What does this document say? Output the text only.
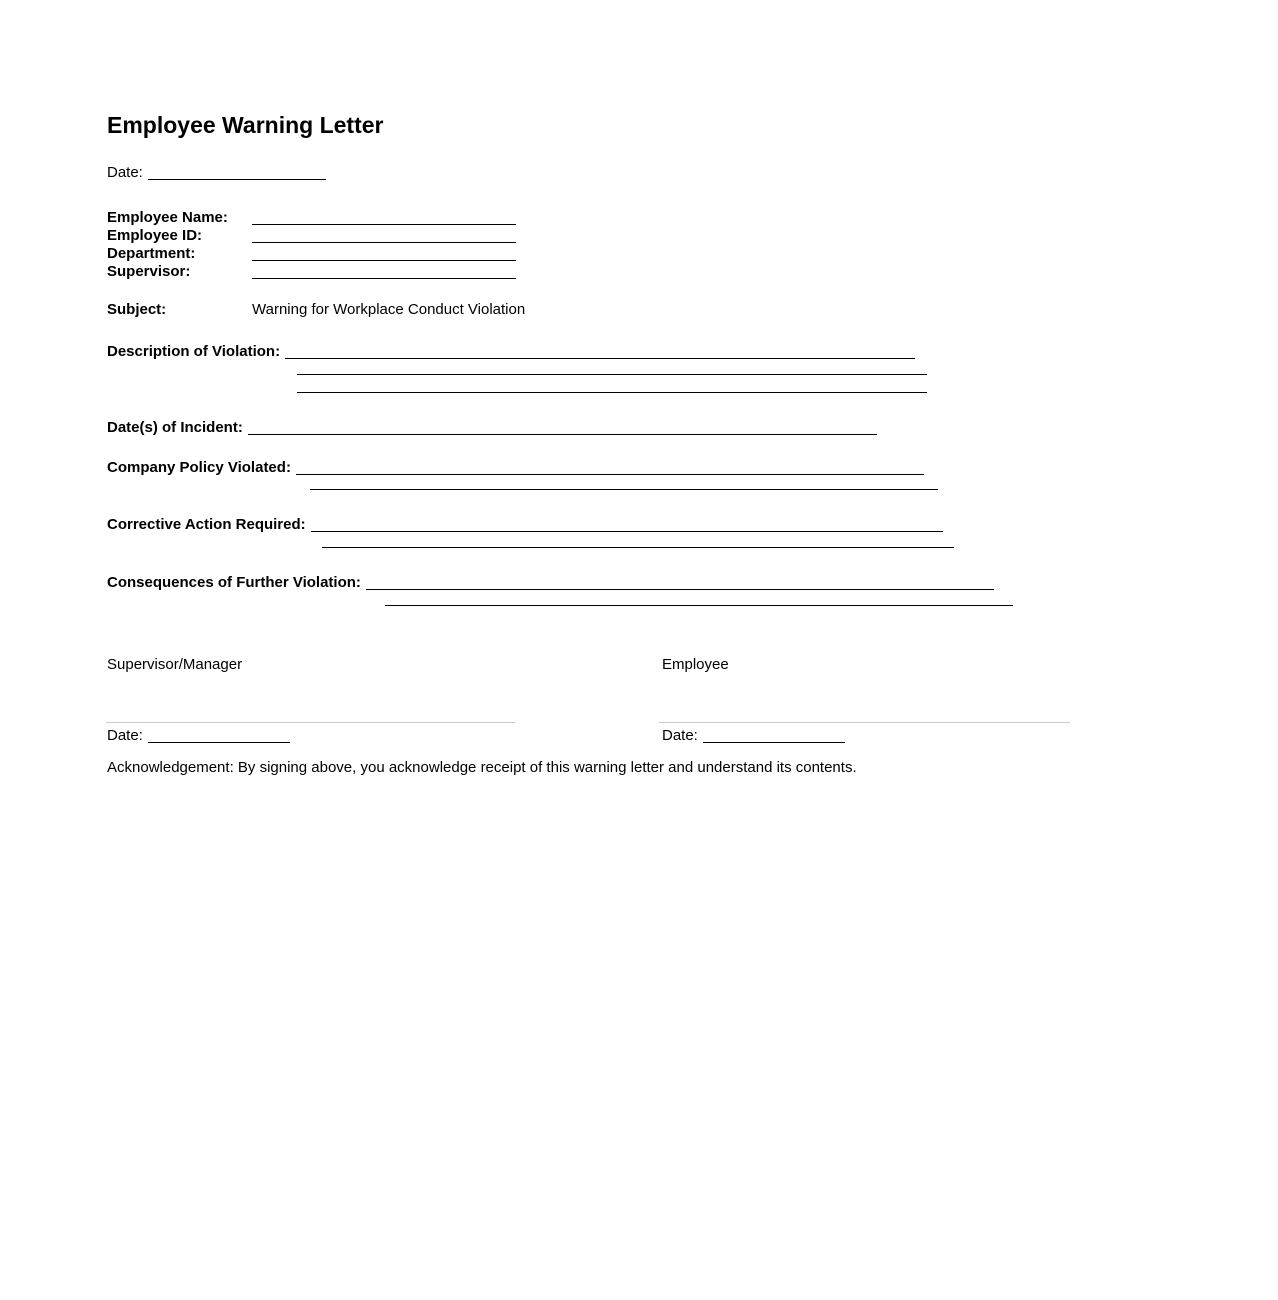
Employee Warning Letter
Date:
Employee Name:
Employee ID:
Department:
Supervisor:
Subject:	Warning for Workplace Conduct Violation
Description of Violation:
Date(s) of Incident:
Company Policy Violated:
Corrective Action Required:
Consequences of Further Violation:
Supervisor/Manager	Employee
Date:	Date:
Acknowledgement: By signing above, you acknowledge receipt of this warning letter and understand its contents.
